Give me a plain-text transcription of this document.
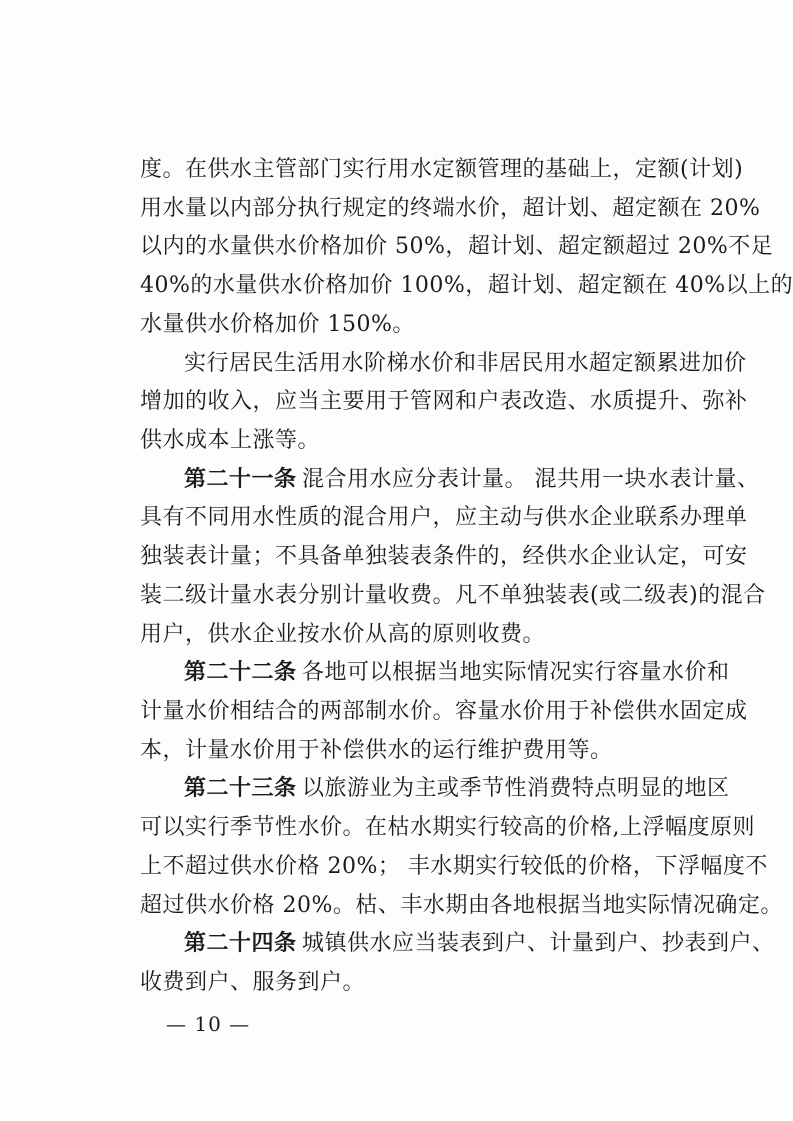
度。在供水主管部门实行用水定额管理的基础上，定额(计划)
用水量以内部分执行规定的终端水价，超计划、超定额在 20%
以内的水量供水价格加价 50%，超计划、超定额超过 20%不足
40%的水量供水价格加价 100%，超计划、超定额在 40%以上的
水量供水价格加价 150%。
实行居民生活用水阶梯水价和非居民用水超定额累进加价
增加的收入，应当主要用于管网和户表改造、水质提升、弥补
供水成本上涨等。
第二十一条 混合用水应分表计量。 混共用一块水表计量、
具有不同用水性质的混合用户，应主动与供水企业联系办理单
独装表计量；不具备单独装表条件的，经供水企业认定，可安
装二级计量水表分别计量收费。凡不单独装表(或二级表)的混合
用户，供水企业按水价从高的原则收费。
第二十二条 各地可以根据当地实际情况实行容量水价和
计量水价相结合的两部制水价。容量水价用于补偿供水固定成
本，计量水价用于补偿供水的运行维护费用等。
第二十三条 以旅游业为主或季节性消费特点明显的地区
可以实行季节性水价。在枯水期实行较高的价格,上浮幅度原则
上不超过供水价格 20%； 丰水期实行较低的价格，下浮幅度不
超过供水价格 20%。枯、丰水期由各地根据当地实际情况确定。
第二十四条 城镇供水应当装表到户、计量到户、抄表到户、
收费到户、服务到户。
— 10 —
